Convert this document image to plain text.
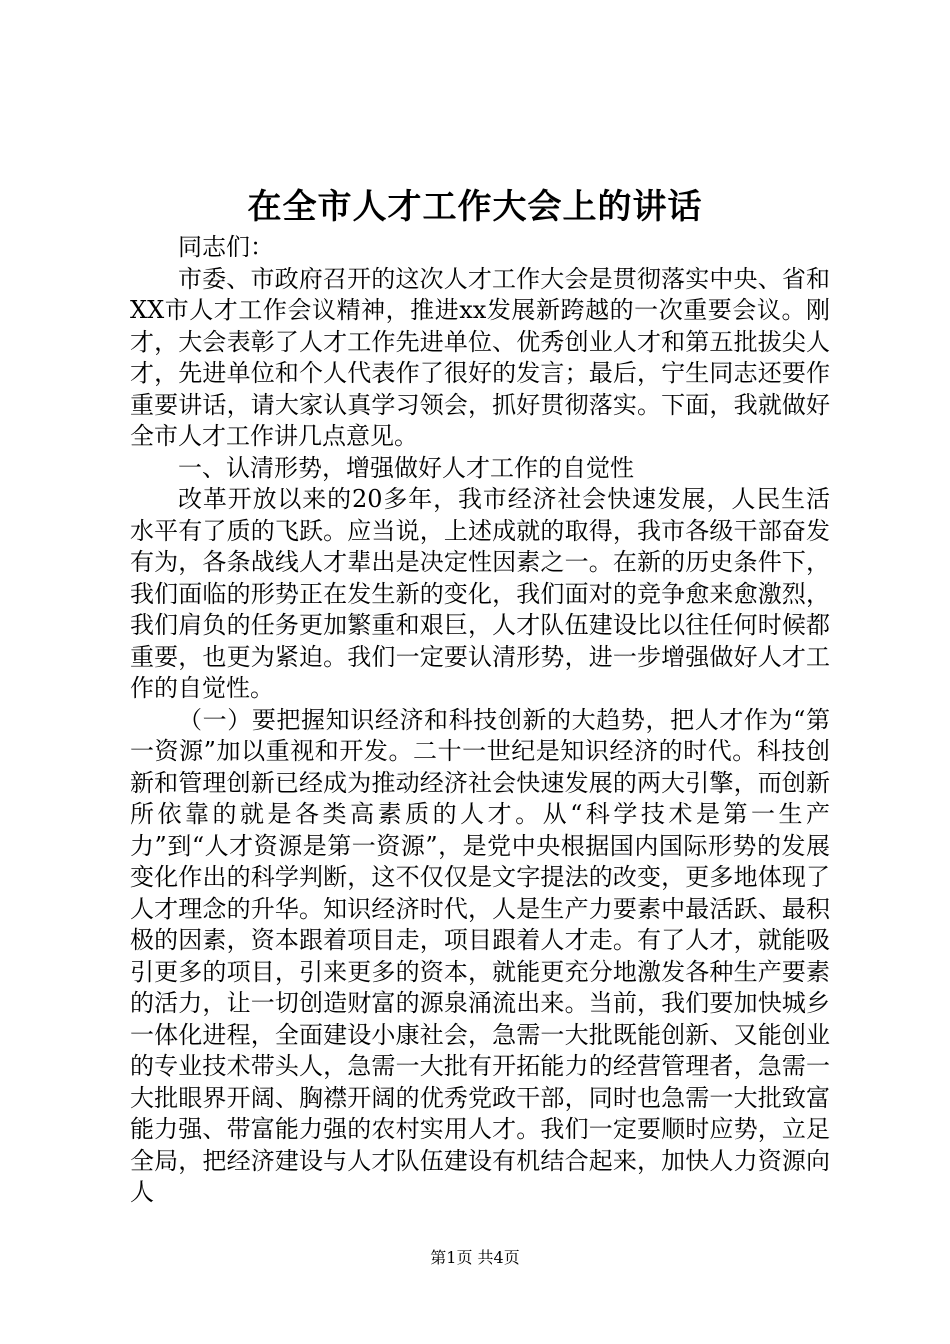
在全市人才工作大会上的讲话

同志们：

市委、市政府召开的这次人才工作大会是贯彻落实中央、省和XX市人才工作会议精神，推进xx发展新跨越的一次重要会议。刚才，大会表彰了人才工作先进单位、优秀创业人才和第五批拔尖人才，先进单位和个人代表作了很好的发言；最后，宁生同志还要作重要讲话，请大家认真学习领会，抓好贯彻落实。下面，我就做好全市人才工作讲几点意见。

一、认清形势，增强做好人才工作的自觉性

改革开放以来的20多年，我市经济社会快速发展，人民生活水平有了质的飞跃。应当说，上述成就的取得，我市各级干部奋发有为，各条战线人才辈出是决定性因素之一。在新的历史条件下，我们面临的形势正在发生新的变化，我们面对的竞争愈来愈激烈，我们肩负的任务更加繁重和艰巨，人才队伍建设比以往任何时候都重要，也更为紧迫。我们一定要认清形势，进一步增强做好人才工作的自觉性。

（一）要把握知识经济和科技创新的大趋势，把人才作为“第一资源”加以重视和开发。二十一世纪是知识经济的时代。科技创新和管理创新已经成为推动经济社会快速发展的两大引擎，而创新所依靠的就是各类高素质的人才。从“科学技术是第一生产力”到“人才资源是第一资源”，是党中央根据国内国际形势的发展变化作出的科学判断，这不仅仅是文字提法的改变，更多地体现了人才理念的升华。知识经济时代，人是生产力要素中最活跃、最积极的因素，资本跟着项目走，项目跟着人才走。有了人才，就能吸引更多的项目，引来更多的资本，就能更充分地激发各种生产要素的活力，让一切创造财富的源泉涌流出来。当前，我们要加快城乡一体化进程，全面建设小康社会，急需一大批既能创新、又能创业的专业技术带头人，急需一大批有开拓能力的经营管理者，急需一大批眼界开阔、胸襟开阔的优秀党政干部，同时也急需一大批致富能力强、带富能力强的农村实用人才。我们一定要顺时应势，立足全局，把经济建设与人才队伍建设有机结合起来，加快人力资源向人

第1页 共4页
